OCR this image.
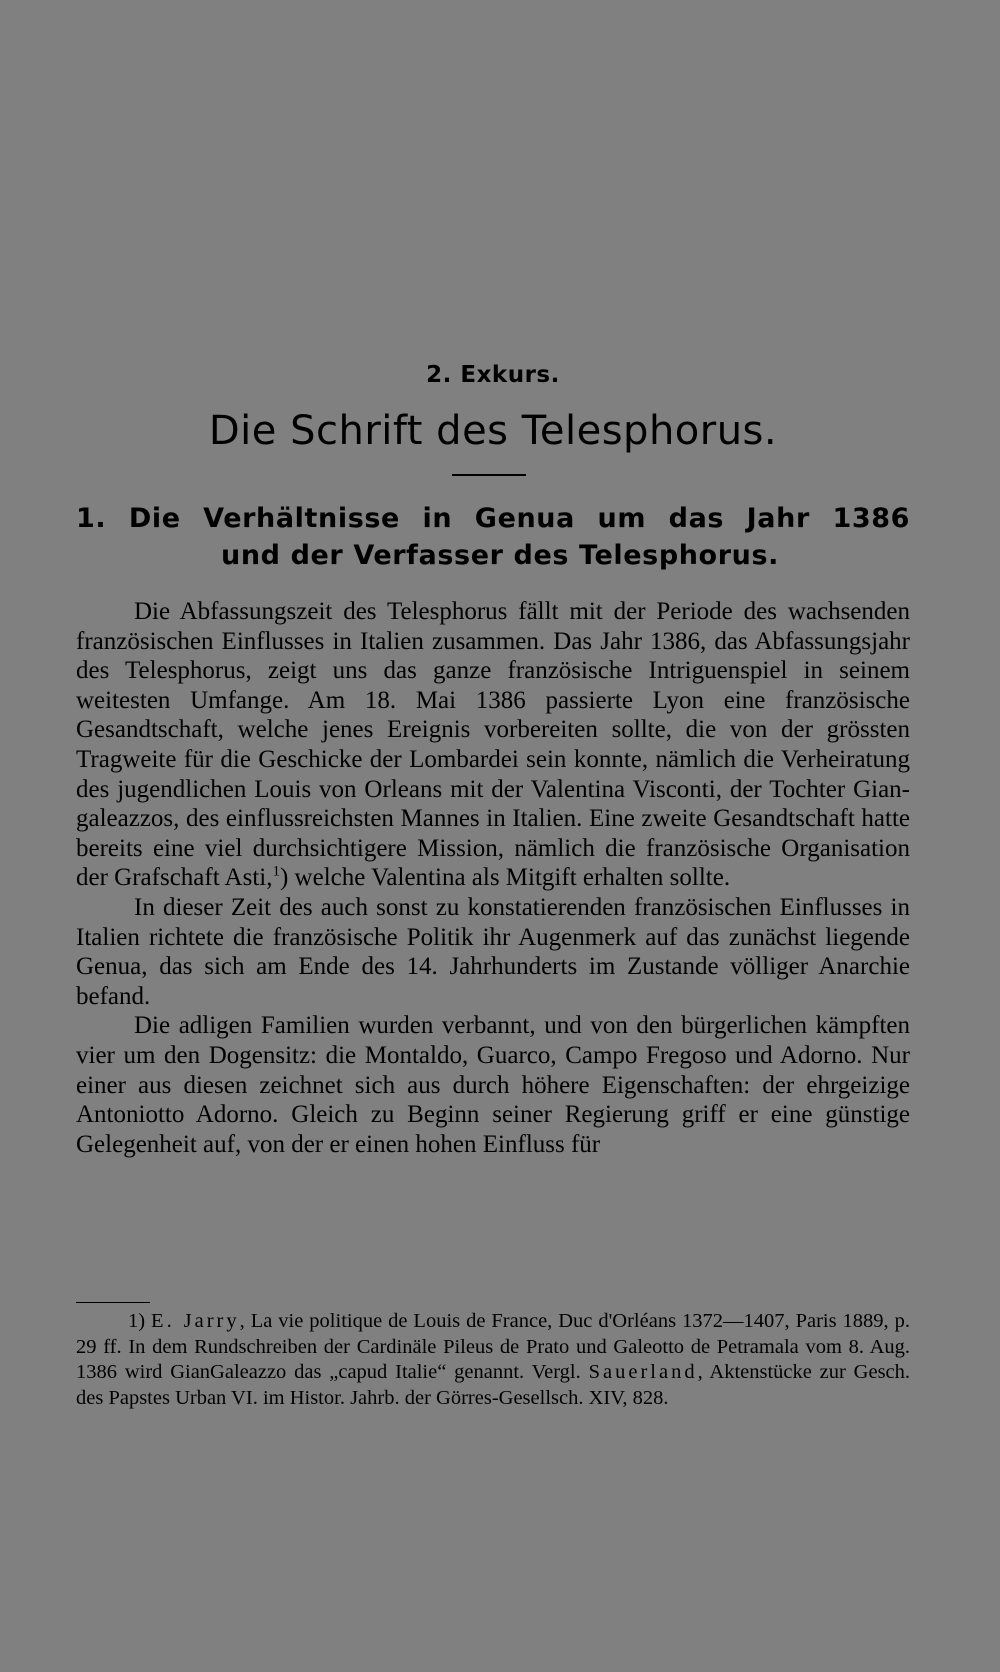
2. Exkurs.
Die Schrift des Telesphorus.
1. Die Verhältnisse in Genua um das Jahr 1386
und der Verfasser des Telesphorus.

Die Abfassungszeit des Telesphorus fällt mit der Periode des wachsenden französischen Einflusses in Italien zusammen. Das Jahr 1386, das Abfassungsjahr des Telesphorus, zeigt uns das ganze französische Intriguenspiel in seinem weitesten Umfange. Am 18. Mai 1386 passierte Lyon eine französische Gesandtschaft, welche jenes Ereignis vorbereiten sollte, die von der grössten Tragweite für die Geschicke der Lombardei sein konnte, nämlich die Verheiratung des jugendlichen Louis von Orleans mit der Valentina Visconti, der Tochter Giangaleazzos, des einflussreichsten Mannes in Italien. Eine zweite Gesandtschaft hatte bereits eine viel durchsichtigere Mission, nämlich die französische Organisation der Grafschaft Asti,$^1$) welche Valentina als Mitgift erhalten sollte.

In dieser Zeit des auch sonst zu konstatierenden französischen Einflusses in Italien richtete die französische Politik ihr Augenmerk auf das zunächst liegende Genua, das sich am Ende des 14. Jahrhunderts im Zustande völliger Anarchie befand.

Die adligen Familien wurden verbannt, und von den bürgerlichen kämpften vier um den Dogensitz: die Montaldo, Guarco, Campo Fregoso und Adorno. Nur einer aus diesen zeichnet sich aus durch höhere Eigenschaften: der ehrgeizige Antoniotto Adorno. Gleich zu Beginn seiner Regierung griff er eine günstige Gelegenheit auf, von der er einen hohen Einfluss für

1) E. Jarry, La vie politique de Louis de France, Duc d'Orléans 1372—1407, Paris 1889, p. 29 ff. In dem Rundschreiben der Cardinäle Pileus de Prato und Galeotto de Petramala vom 8. Aug. 1386 wird GianGaleazzo das „capud Italie“ genannt. Vergl. Sauerland, Aktenstücke zur Gesch. des Papstes Urban VI. im Histor. Jahrb. der Görres-Gesellsch. XIV, 828.
